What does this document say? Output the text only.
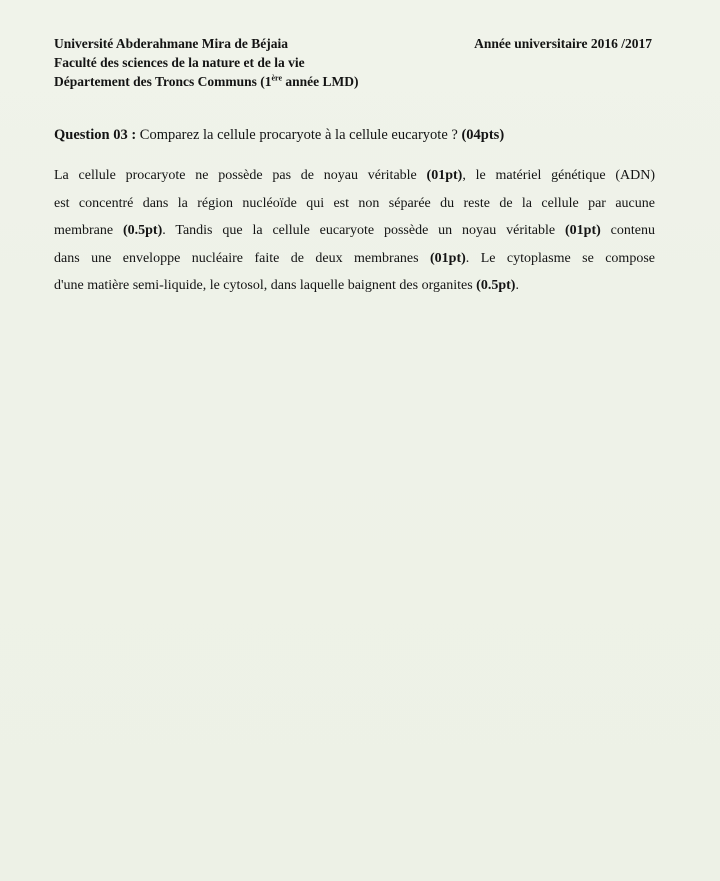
Université Abderahmane Mira de Béjaia	Année universitaire 2016 /2017
Faculté des sciences de la nature et de la vie
Département des Troncs Communs (1ère année LMD)
Question 03 : Comparez la cellule procaryote à la cellule eucaryote ? (04pts)
La cellule procaryote ne possède pas de noyau véritable (01pt), le matériel génétique (ADN)
est concentré dans la région nucléoïde qui est non séparée du reste de la cellule par aucune
membrane (0.5pt). Tandis que la cellule eucaryote possède un noyau véritable (01pt) contenu
dans une enveloppe nucléaire faite de deux membranes (01pt). Le cytoplasme se compose
d'une matière semi-liquide, le cytosol, dans laquelle baignent des organites (0.5pt).
